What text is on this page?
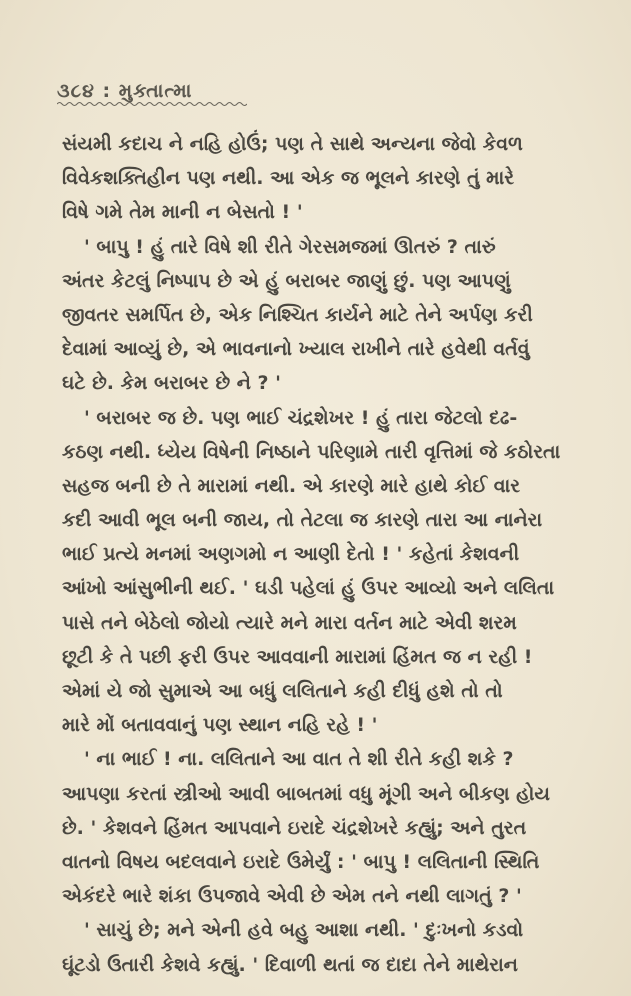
૩૮૪ : મુક્તાત્મા
સંયમી કદાચ ને નહિ હોઉં; પણ તે સાથે અન્યના જેવો કેવળ
વિવેકશક્તિહીન પણ નથી. આ એક જ ભૂલને કારણે તું મારે
વિષે ગમે તેમ માની ન બેસતો ! '
' બાપુ ! હું તારે વિષે શી રીતે ગેરસમજમાં ઊતરું ? તારું
અંતર કેટલું નિષ્પાપ છે એ હું બરાબર જાણું છું. પણ આપણું
જીવતર સમર્પિત છે, એક નિશ્ચિત કાર્યને માટે તેને અર્પણ કરી
દેવામાં આવ્યું છે, એ ભાવનાનો ખ્યાલ રાખીને તારે હવેથી વર્તવું
ઘટે છે. કેમ બરાબર છે ને ? '
' બરાબર જ છે. પણ ભાઈ ચંદ્રશેખર ! હું તારા જેટલો દઢ-
કઠણ નથી. ધ્યેય વિષેની નિષ્ઠાને પરિણામે તારી વૃત્તિમાં જે કઠોરતા
સહજ બની છે તે મારામાં નથી. એ કારણે મારે હાથે કોઈ વાર
કદી આવી ભૂલ બની જાય, તો તેટલા જ કારણે તારા આ નાનેરા
ભાઈ પ્રત્યે મનમાં અણગમો ન આણી દેતો ! ' કહેતાં કેશવની
આંખો આંસુભીની થઈ. ' ઘડી પહેલાં હું ઉપર આવ્યો અને લલિતા
પાસે તને બેઠેલો જોયો ત્યારે મને મારા વર્તન માટે એવી શરમ
છૂટી કે તે પછી ફરી ઉપર આવવાની મારામાં હિંમત જ ન રહી !
એમાં યે જો સુમાએ આ બધું લલિતાને કહી દીધું હશે તો તો
મારે મોં બતાવવાનું પણ સ્થાન નહિ રહે ! '
' ના ભાઈ ! ના. લલિતાને આ વાત તે શી રીતે કહી શકે ?
આપણા કરતાં સ્ત્રીઓ આવી બાબતમાં વધુ મૂંગી અને બીકણ હોય
છે. ' કેશવને હિંમત આપવાને ઇરાદે ચંદ્રશેખરે કહ્યું; અને તુરત
વાતનો વિષય બદલવાને ઇરાદે ઉમેર્યું : ' બાપુ ! લલિતાની સ્થિતિ
એકંદરે ભારે શંકા ઉપજાવે એવી છે એમ તને નથી લાગતું ? '
' સાચું છે; મને એની હવે બહુ આશા નથી. ' દુઃખનો કડવો
ઘૂંટડો ઉતારી કેશવે કહ્યું. ' દિવાળી થતાં જ દાદા તેને માથેરાન
